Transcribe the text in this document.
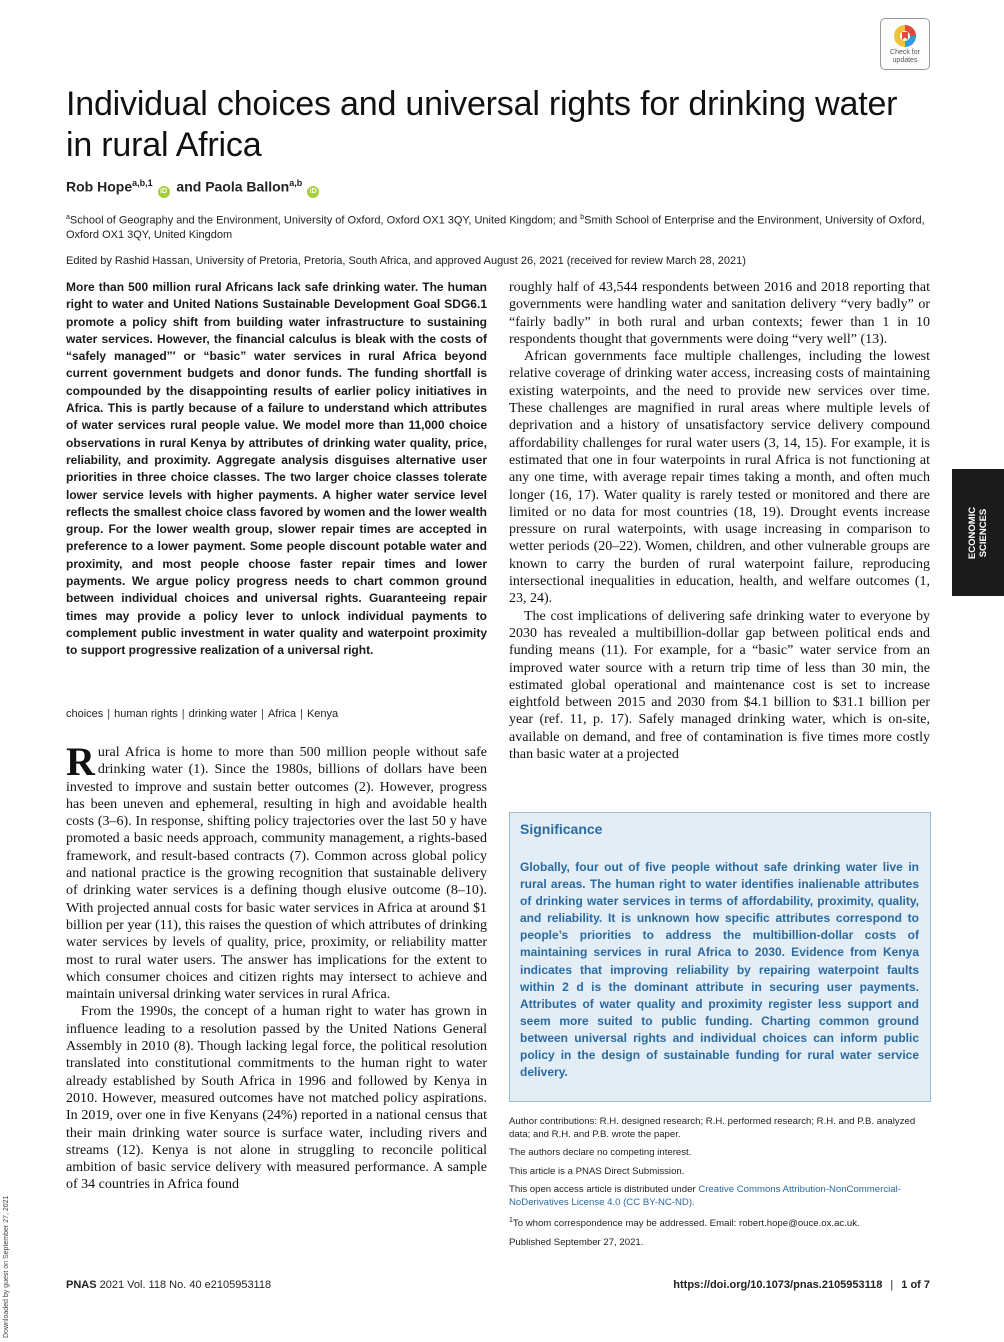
Check for
updates
Individual choices and universal rights for drinking water in rural Africa
Rob Hope$^{a,b,1}$ iD and Paola Ballon$^{a,b}$ iD
$^a$School of Geography and the Environment, University of Oxford, Oxford OX1 3QY, United Kingdom; and $^b$Smith School of Enterprise and the Environment, University of Oxford, Oxford OX1 3QY, United Kingdom
Edited by Rashid Hassan, University of Pretoria, Pretoria, South Africa, and approved August 26, 2021 (received for review March 28, 2021)

More than 500 million rural Africans lack safe drinking water. The human right to water and United Nations Sustainable Development Goal SDG6.1 promote a policy shift from building water infrastructure to sustaining water services. However, the financial calculus is bleak with the costs of “safely managed”′ or “basic” water services in rural Africa beyond current government budgets and donor funds. The funding shortfall is compounded by the disappointing results of earlier policy initiatives in Africa. This is partly because of a failure to understand which attributes of water services rural people value. We model more than 11,000 choice observations in rural Kenya by attributes of drinking water quality, price, reliability, and proximity. Aggregate analysis disguises alternative user priorities in three choice classes. The two larger choice classes tolerate lower service levels with higher payments. A higher water service level reflects the smallest choice class favored by women and the lower wealth group. For the lower wealth group, slower repair times are accepted in preference to a lower payment. Some people discount potable water and proximity, and most people choose faster repair times and lower payments. We argue policy progress needs to chart common ground between individual choices and universal rights. Guaranteeing repair times may provide a policy lever to unlock individual payments to complement public investment in water quality and waterpoint proximity to support progressive realization of a universal right.

choices | human rights | drinking water | Africa | Kenya

Rural Africa is home to more than 500 million people without safe drinking water (1). Since the 1980s, billions of dollars have been invested to improve and sustain better outcomes (2). However, progress has been uneven and ephemeral, resulting in high and avoidable health costs (3–6). In response, shifting policy trajectories over the last 50 y have promoted a basic needs approach, community management, a rights-based framework, and result-based contracts (7). Common across global policy and national practice is the growing recognition that sustainable delivery of drinking water services is a defining though elusive outcome (8–10). With projected annual costs for basic water services in Africa at around $1 billion per year (11), this raises the question of which attributes of drinking water services by levels of quality, price, proximity, or reliability matter most to rural water users. The answer has implications for the extent to which consumer choices and citizen rights may intersect to achieve and maintain universal drinking water services in rural Africa.

From the 1990s, the concept of a human right to water has grown in influence leading to a resolution passed by the United Nations General Assembly in 2010 (8). Though lacking legal force, the political resolution translated into constitutional commitments to the human right to water already established by South Africa in 1996 and followed by Kenya in 2010. However, measured outcomes have not matched policy aspirations. In 2019, over one in five Kenyans (24%) reported in a national census that their main drinking water source is surface water, including rivers and streams (12). Kenya is not alone in struggling to reconcile political ambition of basic service delivery with measured performance. A sample of 34 countries in Africa found

roughly half of 43,544 respondents between 2016 and 2018 reporting that governments were handling water and sanitation delivery “very badly” or “fairly badly” in both rural and urban contexts; fewer than 1 in 10 respondents thought that governments were doing “very well” (13).

African governments face multiple challenges, including the lowest relative coverage of drinking water access, increasing costs of maintaining existing waterpoints, and the need to provide new services over time. These challenges are magnified in rural areas where multiple levels of deprivation and a history of unsatisfactory service delivery compound affordability challenges for rural water users (3, 14, 15). For example, it is estimated that one in four waterpoints in rural Africa is not functioning at any one time, with average repair times taking a month, and often much longer (16, 17). Water quality is rarely tested or monitored and there are limited or no data for most countries (18, 19). Drought events increase pressure on rural waterpoints, with usage increasing in comparison to wetter periods (20–22). Women, children, and other vulnerable groups are known to carry the burden of rural waterpoint failure, reproducing intersectional inequalities in education, health, and welfare outcomes (1, 23, 24).

The cost implications of delivering safe drinking water to everyone by 2030 has revealed a multibillion-dollar gap between political ends and funding means (11). For example, for a “basic” water service from an improved water source with a return trip time of less than 30 min, the estimated global operational and maintenance cost is set to increase eightfold between 2015 and 2030 from $4.1 billion to $31.1 billion per year (ref. 11, p. 17). Safely managed drinking water, which is on-site, available on demand, and free of contamination is five times more costly than basic water at a projected

Significance

Globally, four out of five people without safe drinking water live in rural areas. The human right to water identifies inalienable attributes of drinking water services in terms of affordability, proximity, quality, and reliability. It is unknown how specific attributes correspond to people’s priorities to address the multibillion-dollar costs of maintaining services in rural Africa to 2030. Evidence from Kenya indicates that improving reliability by repairing waterpoint faults within 2 d is the dominant attribute in securing user payments. Attributes of water quality and proximity register less support and seem more suited to public funding. Charting common ground between universal rights and individual choices can inform public policy in the design of sustainable funding for rural water service delivery.

Author contributions: R.H. designed research; R.H. performed research; R.H. and P.B. analyzed data; and R.H. and P.B. wrote the paper.

The authors declare no competing interest.

This article is a PNAS Direct Submission.

This open access article is distributed under Creative Commons Attribution-NonCommercial-NoDerivatives License 4.0 (CC BY-NC-ND).

$^1$To whom correspondence may be addressed. Email: robert.hope@ouce.ox.ac.uk.

Published September 27, 2021.

ECONOMIC SCIENCES
Downloaded by guest on September 27, 2021	PNAS 2021 Vol. 118 No. 40 e2105953118	https://doi.org/10.1073/pnas.2105953118 | 1 of 7
